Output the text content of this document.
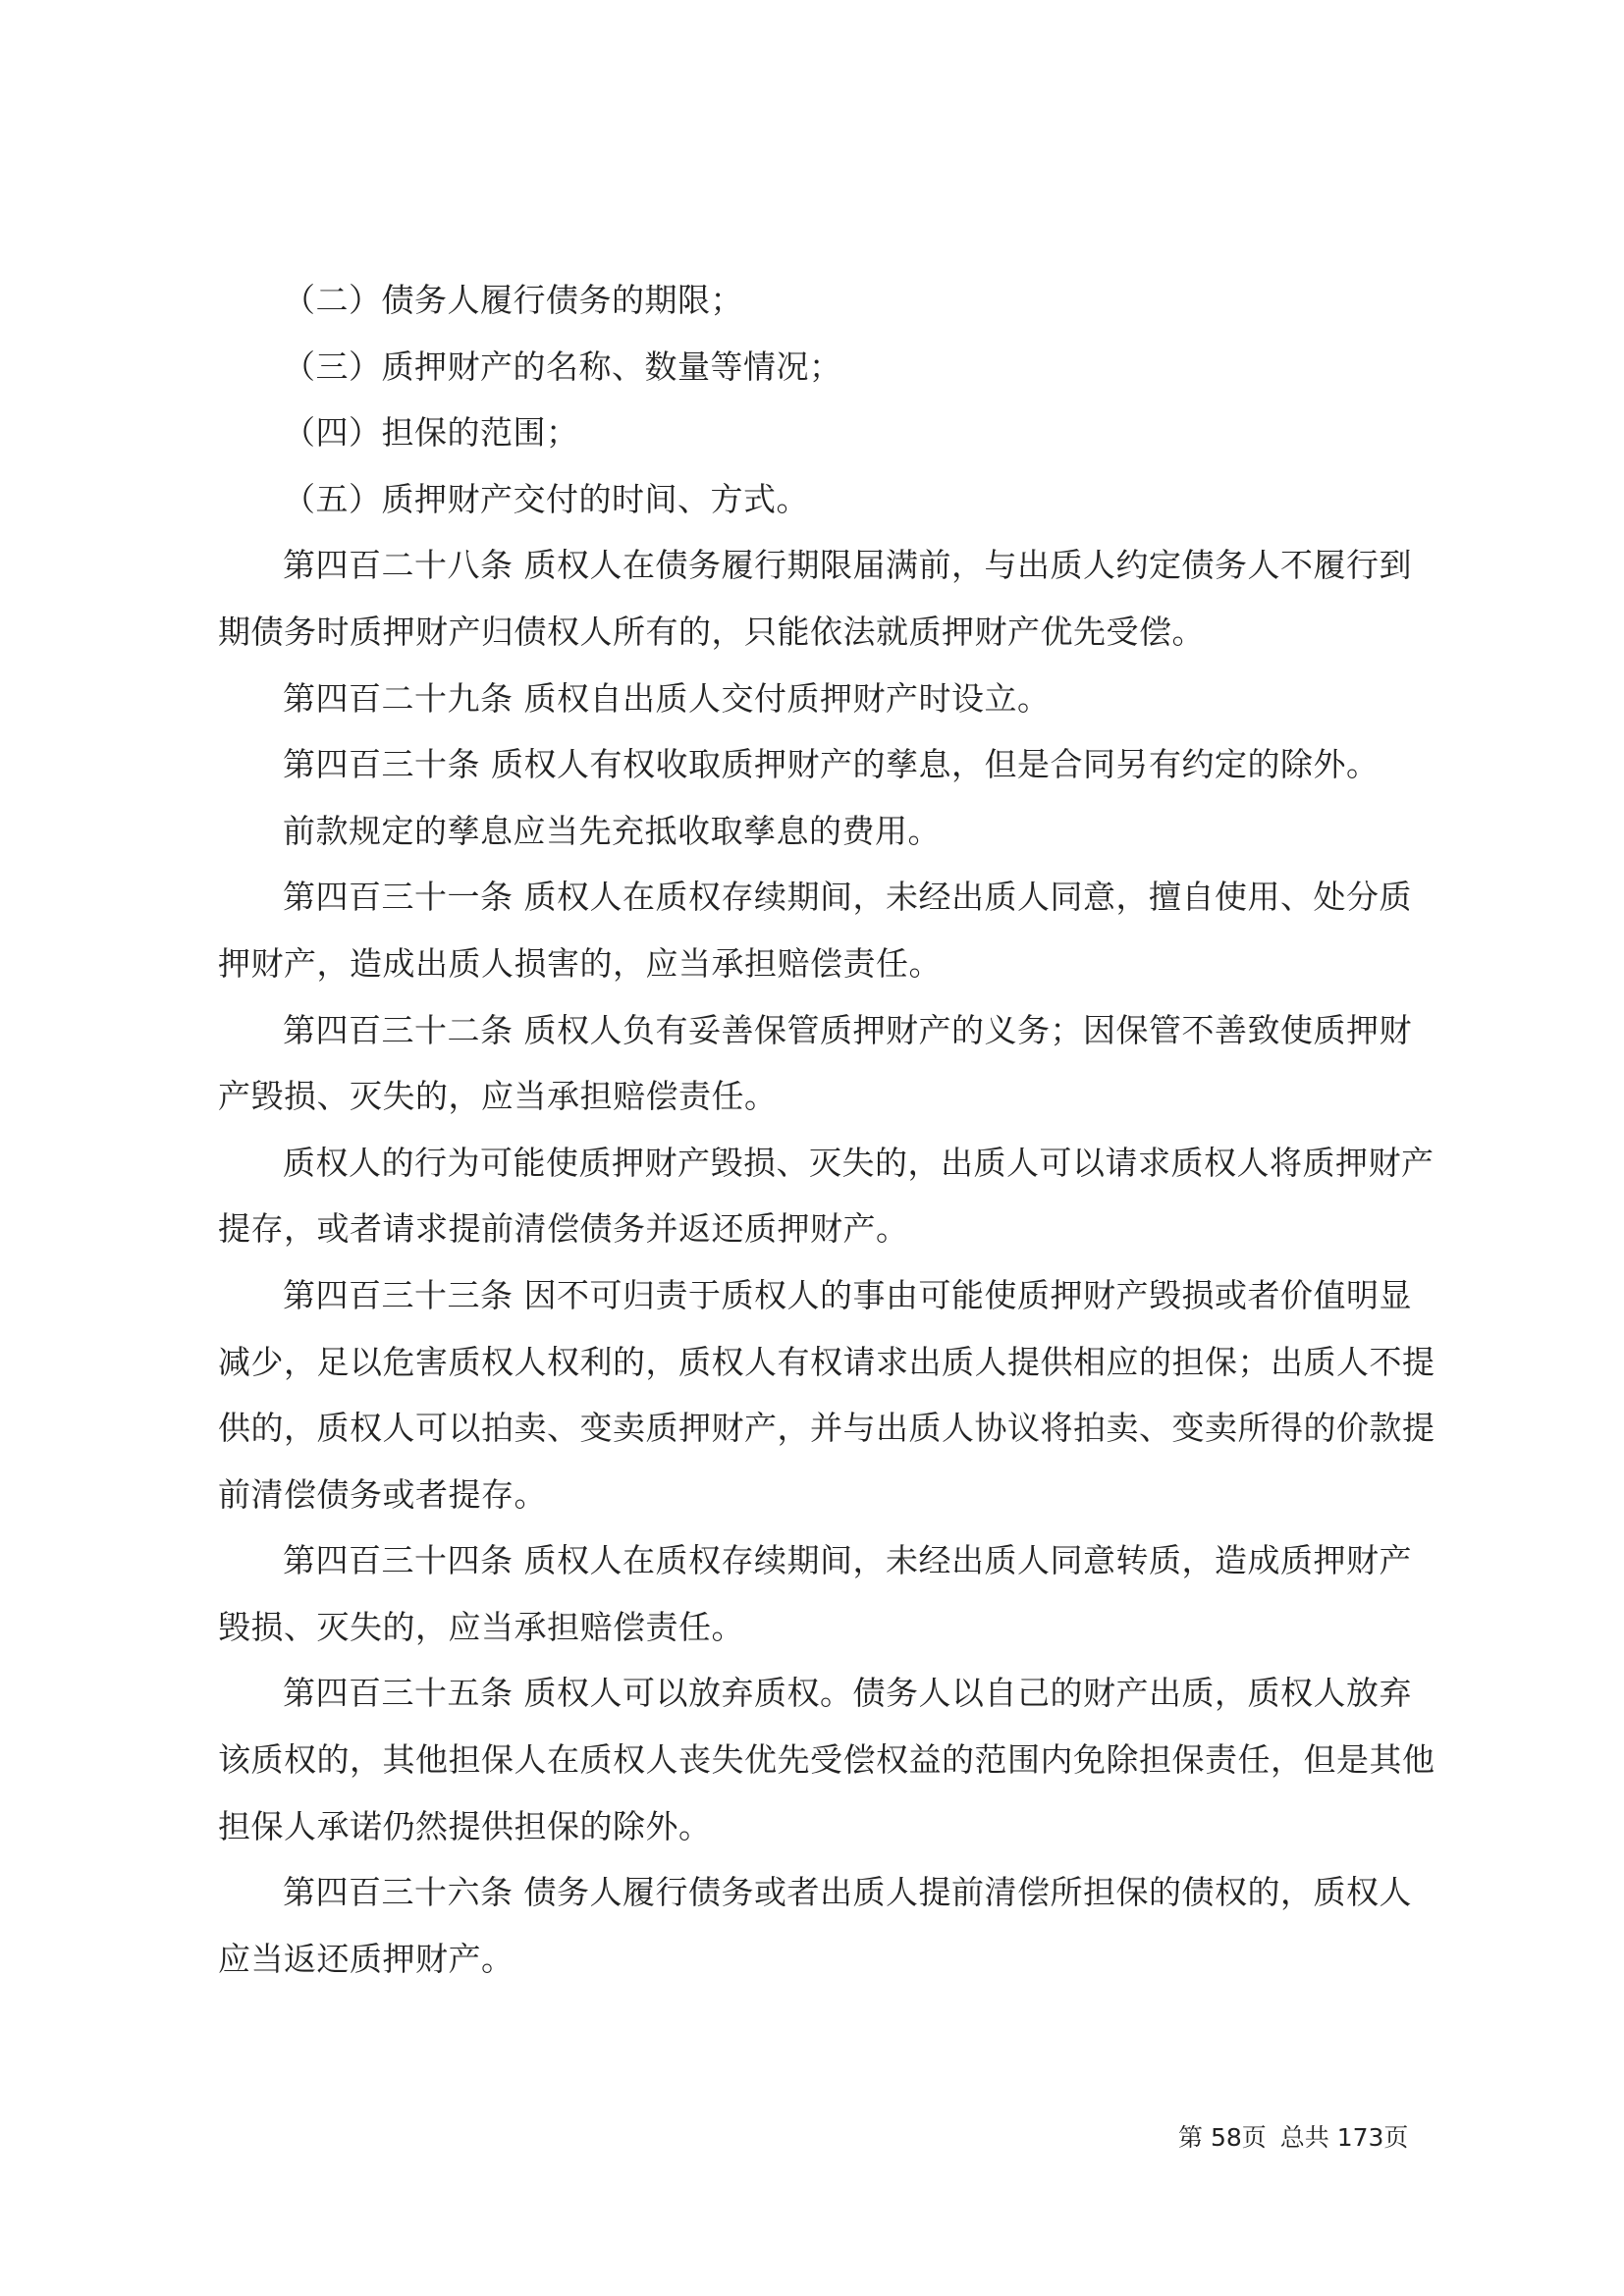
（二）债务人履行债务的期限；

（三）质押财产的名称、数量等情况；

（四）担保的范围；

（五）质押财产交付的时间、方式。

第四百二十八条 质权人在债务履行期限届满前，与出质人约定债务人不履行到期债务时质押财产归债权人所有的，只能依法就质押财产优先受偿。

第四百二十九条 质权自出质人交付质押财产时设立。

第四百三十条 质权人有权收取质押财产的孳息，但是合同另有约定的除外。

前款规定的孳息应当先充抵收取孳息的费用。

第四百三十一条 质权人在质权存续期间，未经出质人同意，擅自使用、处分质押财产，造成出质人损害的，应当承担赔偿责任。

第四百三十二条 质权人负有妥善保管质押财产的义务；因保管不善致使质押财产毁损、灭失的，应当承担赔偿责任。

质权人的行为可能使质押财产毁损、灭失的，出质人可以请求质权人将质押财产提存，或者请求提前清偿债务并返还质押财产。

第四百三十三条 因不可归责于质权人的事由可能使质押财产毁损或者价值明显减少，足以危害质权人权利的，质权人有权请求出质人提供相应的担保；出质人不提供的，质权人可以拍卖、变卖质押财产，并与出质人协议将拍卖、变卖所得的价款提前清偿债务或者提存。

第四百三十四条 质权人在质权存续期间，未经出质人同意转质，造成质押财产毁损、灭失的，应当承担赔偿责任。

第四百三十五条 质权人可以放弃质权。债务人以自己的财产出质，质权人放弃该质权的，其他担保人在质权人丧失优先受偿权益的范围内免除担保责任，但是其他担保人承诺仍然提供担保的除外。

第四百三十六条 债务人履行债务或者出质人提前清偿所担保的债权的，质权人应当返还质押财产。

第 58页 总共 173页
